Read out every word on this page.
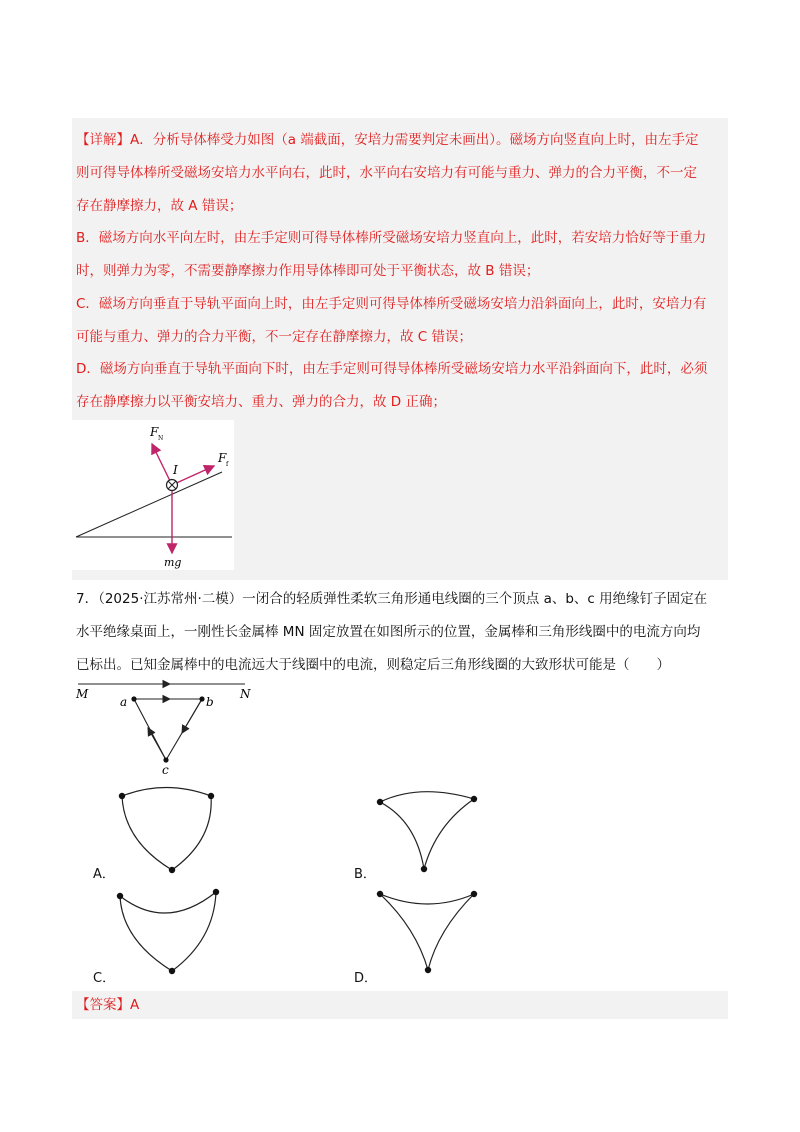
【详解】A．分析导体棒受力如图（a 端截面，安培力需要判定未画出）。磁场方向竖直向上时，由左手定
则可得导体棒所受磁场安培力水平向右，此时，水平向右安培力有可能与重力、弹力的合力平衡，不一定
存在静摩擦力，故 A 错误；
B．磁场方向水平向左时，由左手定则可得导体棒所受磁场安培力竖直向上，此时，若安培力恰好等于重力
时，则弹力为零，不需要静摩擦力作用导体棒即可处于平衡状态，故 B 错误；
C．磁场方向垂直于导轨平面向上时，由左手定则可得导体棒所受磁场安培力沿斜面向上，此时，安培力有
可能与重力、弹力的合力平衡，不一定存在静摩擦力，故 C 错误；
D．磁场方向垂直于导轨平面向下时，由左手定则可得导体棒所受磁场安培力水平沿斜面向下，此时，必须
存在静摩擦力以平衡安培力、重力、弹力的合力，故 D 正确；
F N
F f
I
mg
7．（2025·江苏常州·二模）一闭合的轻质弹性柔软三角形通电线圈的三个顶点 a、b、c 用绝缘钉子固定在
水平绝缘桌面上，一刚性长金属棒 MN 固定放置在如图所示的位置，金属棒和三角形线圈中的电流方向均
已标出。已知金属棒中的电流远大于线圈中的电流，则稳定后三角形线圈的大致形状可能是（　　）
M	N
a	b
c
A．	B．
C．	D．
【答案】A
